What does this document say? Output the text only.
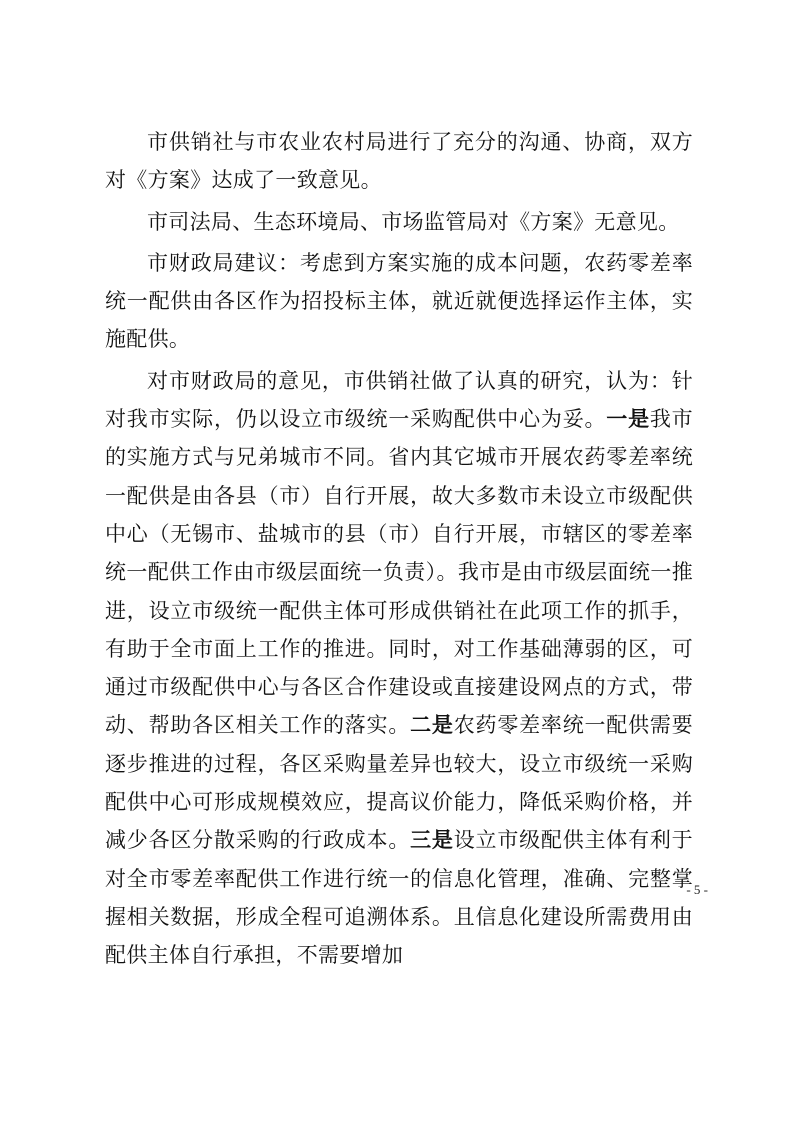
市供销社与市农业农村局进行了充分的沟通、协商，双方对《方案》达成了一致意见。

市司法局、生态环境局、市场监管局对《方案》无意见。

市财政局建议：考虑到方案实施的成本问题，农药零差率统一配供由各区作为招投标主体，就近就便选择运作主体，实施配供。

对市财政局的意见，市供销社做了认真的研究，认为：针对我市实际，仍以设立市级统一采购配供中心为妥。一是我市的实施方式与兄弟城市不同。省内其它城市开展农药零差率统一配供是由各县（市）自行开展，故大多数市未设立市级配供中心（无锡市、盐城市的县（市）自行开展，市辖区的零差率统一配供工作由市级层面统一负责）。我市是由市级层面统一推进，设立市级统一配供主体可形成供销社在此项工作的抓手，有助于全市面上工作的推进。同时，对工作基础薄弱的区，可通过市级配供中心与各区合作建设或直接建设网点的方式，带动、帮助各区相关工作的落实。二是农药零差率统一配供需要逐步推进的过程，各区采购量差异也较大，设立市级统一采购配供中心可形成规模效应，提高议价能力，降低采购价格，并减少各区分散采购的行政成本。三是设立市级配供主体有利于对全市零差率配供工作进行统一的信息化管理，准确、完整掌握相关数据，形成全程可追溯体系。且信息化建设所需费用由配供主体自行承担，不需要增加

- 5 -
